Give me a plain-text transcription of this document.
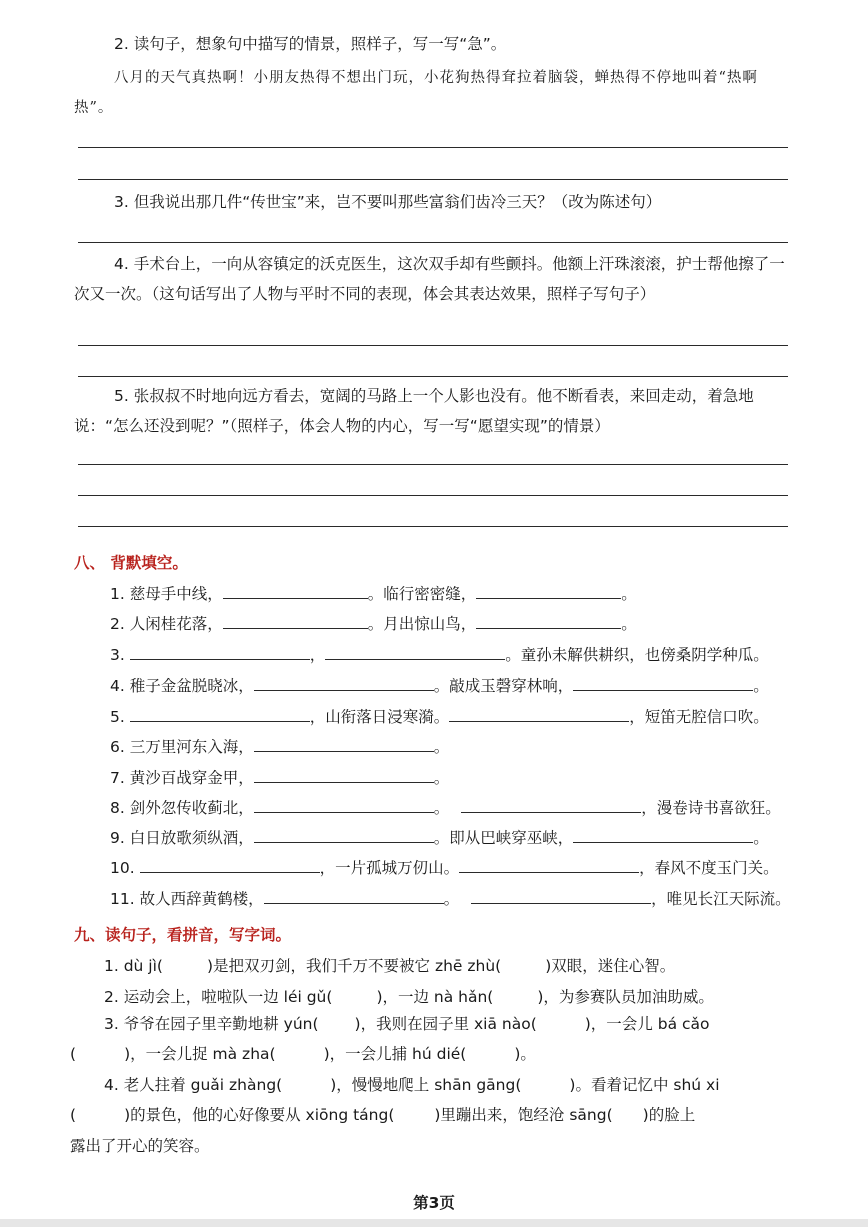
2. 读句子，想象句中描写的情景，照样子，写一写“急”。

八月的天气真热啊！小朋友热得不想出门玩，小花狗热得耷拉着脑袋，蝉热得不停地叫着“热啊热”。

3. 但我说出那几件“传世宝”来，岂不要叫那些富翁们齿冷三天？（改为陈述句）

4. 手术台上，一向从容镇定的沃克医生，这次双手却有些颤抖。他额上汗珠滚滚，护士帮他擦了一次又一次。（这句话写出了人物与平时不同的表现，体会其表达效果，照样子写句子）

5. 张叔叔不时地向远方看去，宽阔的马路上一个人影也没有。他不断看表，来回走动，着急地说：“怎么还没到呢？”（照样子，体会人物的内心，写一写“愿望实现”的情景）

八、 背默填空。

1. 慈母手中线，	。临行密密缝，	。
2. 人闲桂花落，	。月出惊山鸟，	。
3.	，	。童孙未解供耕织，也傍桑阴学种瓜。
4. 稚子金盆脱晓冰，	。敲成玉磬穿林响，	。
5.	，山衔落日浸寒漪。	，短笛无腔信口吹。
6. 三万里河东入海，	。
7. 黄沙百战穿金甲，	。
8. 剑外忽传收蓟北，	。	，漫卷诗书喜欲狂。
9. 白日放歌须纵酒，	。即从巴峡穿巫峡，	。
10.	，一片孤城万仞山。	，春风不度玉门关。
11. 故人西辞黄鹤楼，	。	，唯见长江天际流。

九、读句子，看拼音，写字词。

1. dù jì(	)是把双刃剑，我们千万不要被它 zhē zhù(	)双眼，迷住心智。
2. 运动会上，啦啦队一边 léi gǔ(	)，一边 nà hǎn(	)，为参赛队员加油助威。
3. 爷爷在园子里辛勤地耕 yún( )，我则在园子里 xiā nào(	)，一会儿 bá cǎo
(	)，一会儿捉 mà zha(	)，一会儿捕 hú dié(	)。
4. 老人拄着 guǎi zhàng(	)，慢慢地爬上 shān gāng(	)。看着记忆中 shú xi
(	)的景色，他的心好像要从 xiōng táng(	)里蹦出来，饱经沧 sāng( )的脸上
露出了开心的笑容。
第3页
